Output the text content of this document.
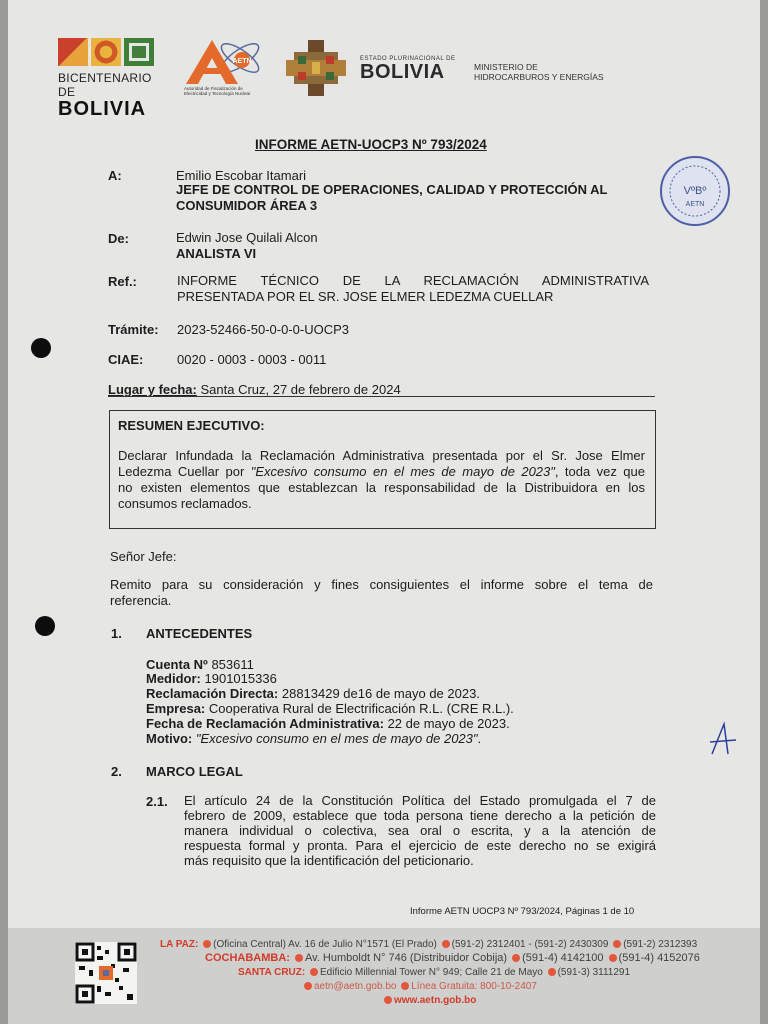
BICENTENARIO DE
BOLIVIA
AETN
Autoridad de Fiscalización de Electricidad y Tecnología Nuclear
ESTADO PLURINACIONAL DE
BOLIVIA	MINISTERIO DE
HIDROCARBUROS Y ENERGÍAS
INFORME AETN-UOCP3 Nº 793/2024
VºBº
AETN
A:	Emilio Escobar Itamari
JEFE DE CONTROL DE OPERACIONES, CALIDAD Y PROTECCIÓN AL
CONSUMIDOR ÁREA 3
De:	Edwin Jose Quilali Alcon
ANALISTA VI
Ref.:	INFORME TÉCNICO DE LA RECLAMACIÓN ADMINISTRATIVA
PRESENTADA POR EL SR. JOSE ELMER LEDEZMA CUELLAR
Trámite: 2023-52466-50-0-0-0-UOCP3
CIAE:	0020 - 0003 - 0003 - 0011
Lugar y fecha: Santa Cruz, 27 de febrero de 2024
RESUMEN EJECUTIVO:
Declarar Infundada la Reclamación Administrativa presentada por el Sr. Jose Elmer
Ledezma Cuellar por "Excesivo consumo en el mes de mayo de 2023", toda vez que
no existen elementos que establezcan la responsabilidad de la Distribuidora en los
consumos reclamados.
Señor Jefe:
Remito para su consideración y fines consiguientes el informe sobre el tema de
referencia.
1. ANTECEDENTES
Cuenta Nº 853611
Medidor: 1901015336
Reclamación Directa: 28813429 de16 de mayo de 2023.
Empresa: Cooperativa Rural de Electrificación R.L. (CRE R.L.).
Fecha de Reclamación Administrativa: 22 de mayo de 2023.
Motivo: "Excesivo consumo en el mes de mayo de 2023".
2. MARCO LEGAL
2.1. El artículo 24 de la Constitución Política del Estado promulgada el 7 de
febrero de 2009, establece que toda persona tiene derecho a la petición de
manera individual o colectiva, sea oral o escrita, y a la atención de
respuesta formal y pronta. Para el ejercicio de este derecho no se exigirá
más requisito que la identificación del peticionario.
Informe AETN UOCP3 Nº 793/2024, Páginas 1 de 10
LA PAZ: (Oficina Central) Av. 16 de Julio N°1571 (El Prado) (591-2) 2312401 - (591-2) 2430309 (591-2) 2312393
COCHABAMBA: Av. Humboldt N° 746 (Distribuidor Cobija) (591-4) 4142100 (591-4) 4152076
SANTA CRUZ: Edificio Millennial Tower N° 949; Calle 21 de Mayo (591-3) 3111291
aetn@aetn.gob.bo Línea Gratuita: 800-10-2407
www.aetn.gob.bo
